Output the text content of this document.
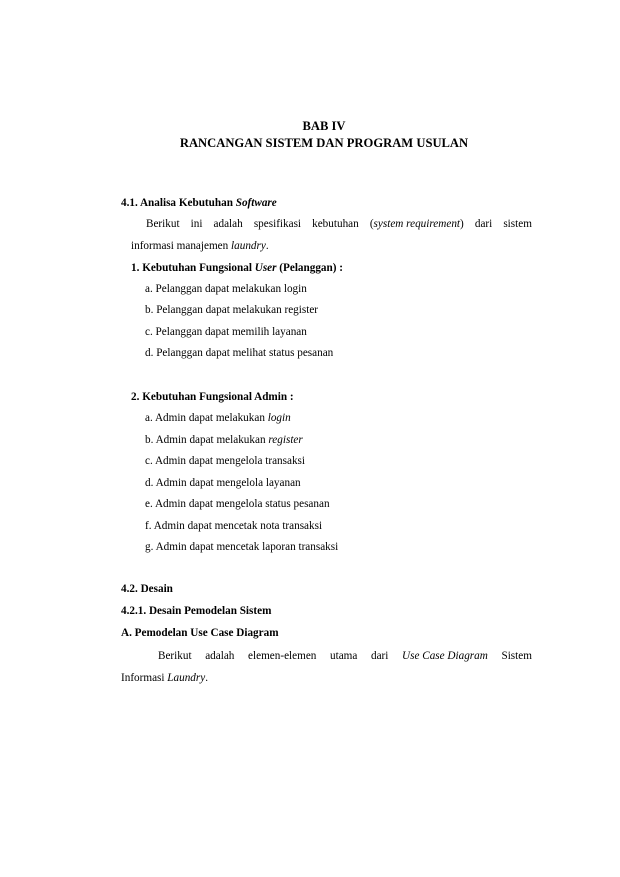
BAB IV
RANCANGAN SISTEM DAN PROGRAM USULAN
4.1. Analisa Kebutuhan Software
Berikut ini adalah spesifikasi kebutuhan (system requirement) dari sistem
informasi manajemen laundry.
1. Kebutuhan Fungsional User (Pelanggan) :
a. Pelanggan dapat melakukan login
b. Pelanggan dapat melakukan register
c. Pelanggan dapat memilih layanan
d. Pelanggan dapat melihat status pesanan
2. Kebutuhan Fungsional Admin :
a. Admin dapat melakukan login
b. Admin dapat melakukan register
c. Admin dapat mengelola transaksi
d. Admin dapat mengelola layanan
e. Admin dapat mengelola status pesanan
f. Admin dapat mencetak nota transaksi
g. Admin dapat mencetak laporan transaksi
4.2. Desain
4.2.1. Desain Pemodelan Sistem
A. Pemodelan Use Case Diagram
Berikut adalah elemen-elemen utama dari Use Case Diagram Sistem
Informasi Laundry.
